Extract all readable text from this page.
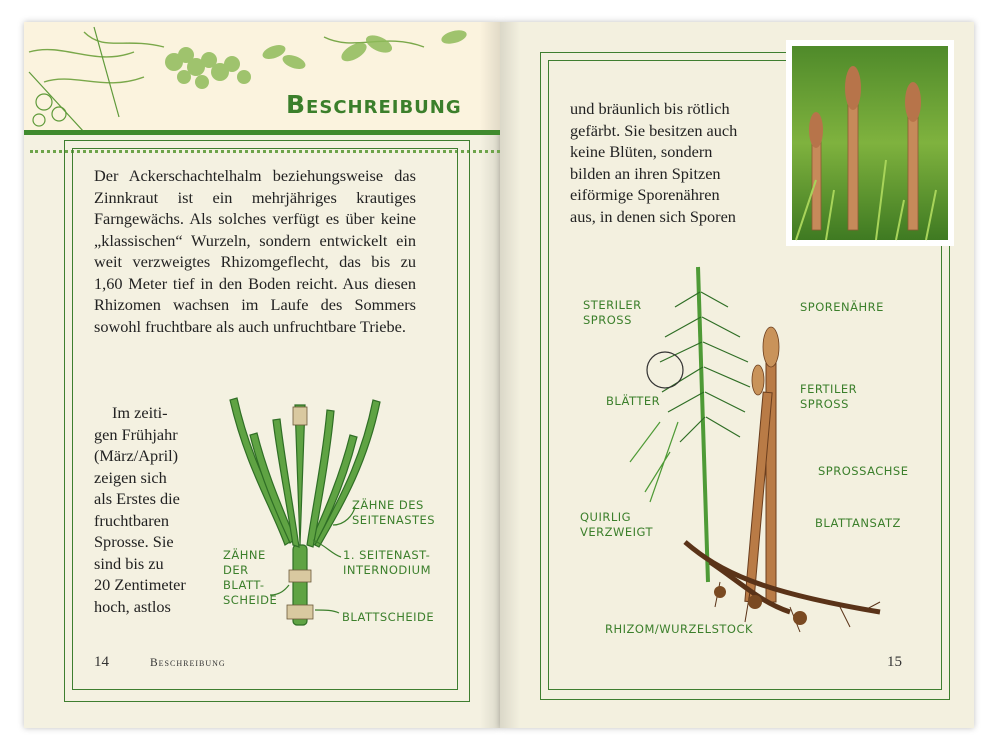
Beschreibung

Der Ackerschachtelhalm beziehungsweise das Zinnkraut ist ein mehrjähriges krautiges Farngewächs. Als solches verfügt es über keine „klassischen“ Wurzeln, sondern entwickelt ein weit verzweigtes Rhizomgeflecht, das bis zu 1,60 Meter tief in den Boden reicht. Aus diesen Rhizomen wachsen im Laufe des Sommers sowohl fruchtbare als auch unfruchtbare Triebe.

Im zeiti-

gen Frühjahr

(März/April)

zeigen sich

als Erstes die

fruchtbaren

Sprosse. Sie

sind bis zu

20 Zentimeter

hoch, astlos

ZÄHNE DES SEITENASTES
1. SEITENAST-INTERNODIUM
BLATTSCHEIDE
ZÄHNE DER BLATT-SCHEIDE
14	Beschreibung

und bräunlich bis rötlich

gefärbt. Sie besitzen auch

keine Blüten, sondern

bilden an ihren Spitzen

eiförmige Sporenähren

aus, in denen sich Sporen

STERILER SPROSS
SPORENÄHRE
FERTILER SPROSS
BLÄTTER
SPROSSACHSE
QUIRLIG VERZWEIGT
BLATTANSATZ
RHIZOM/WURZELSTOCK
15
